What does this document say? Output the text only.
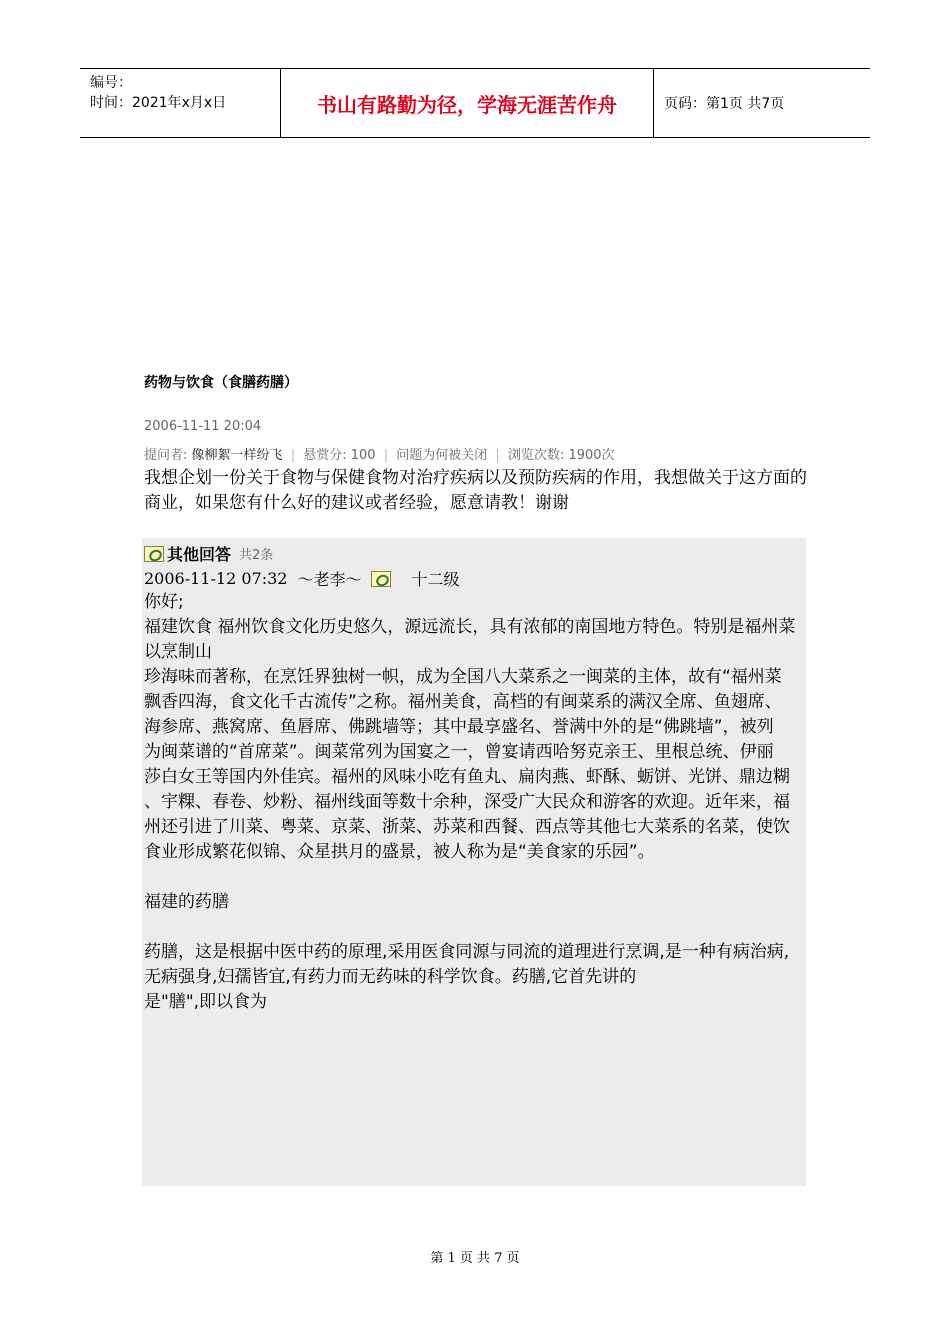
编号：
时间：2021年x月x日	书山有路勤为径，学海无涯苦作舟	页码：第1页 共7页
药物与饮食（食膳药膳）
2006-11-11 20:04
提问者: 像柳絮一样纷飞 | 悬赏分: 100 | 问题为何被关闭 | 浏览次数: 1900次
我想企划一份关于食物与保健食物对治疗疾病以及预防疾病的作用，我想做关于这方面的商业，如果您有什么好的建议或者经验，愿意请教！谢谢
其他回答 共2条
2006-11-12 07:32 ～老李～	十二级

你好;

福建饮食 福州饮食文化历史悠久，源远流长，具有浓郁的南国地方特色。特别是福州菜以烹制山

珍海味而著称，在烹饪界独树一帜，成为全国八大菜系之一闽菜的主体，故有“福州菜

飘香四海，食文化千古流传”之称。福州美食，高档的有闽菜系的满汉全席、鱼翅席、

海参席、燕窝席、鱼唇席、佛跳墙等；其中最享盛名、誉满中外的是“佛跳墙”，被列

为闽菜谱的“首席菜”。闽菜常列为国宴之一，曾宴请西哈努克亲王、里根总统、伊丽

莎白女王等国内外佳宾。福州的风味小吃有鱼丸、扁肉燕、虾酥、蛎饼、光饼、鼎边糊

、宇粿、春卷、炒粉、福州线面等数十余种，深受广大民众和游客的欢迎。近年来，福

州还引进了川菜、粤菜、京菜、浙菜、苏菜和西餐、西点等其他七大菜系的名菜，使饮

食业形成繁花似锦、众星拱月的盛景，被人称为是“美食家的乐园”。

福建的药膳

药膳，这是根据中医中药的原理,采用医食同源与同流的道理进行烹调,是一种有病治病,无病强身,妇孺皆宜,有药力而无药味的科学饮食。药膳,它首先讲的

是"膳",即以食为

第 1 页 共 7 页
